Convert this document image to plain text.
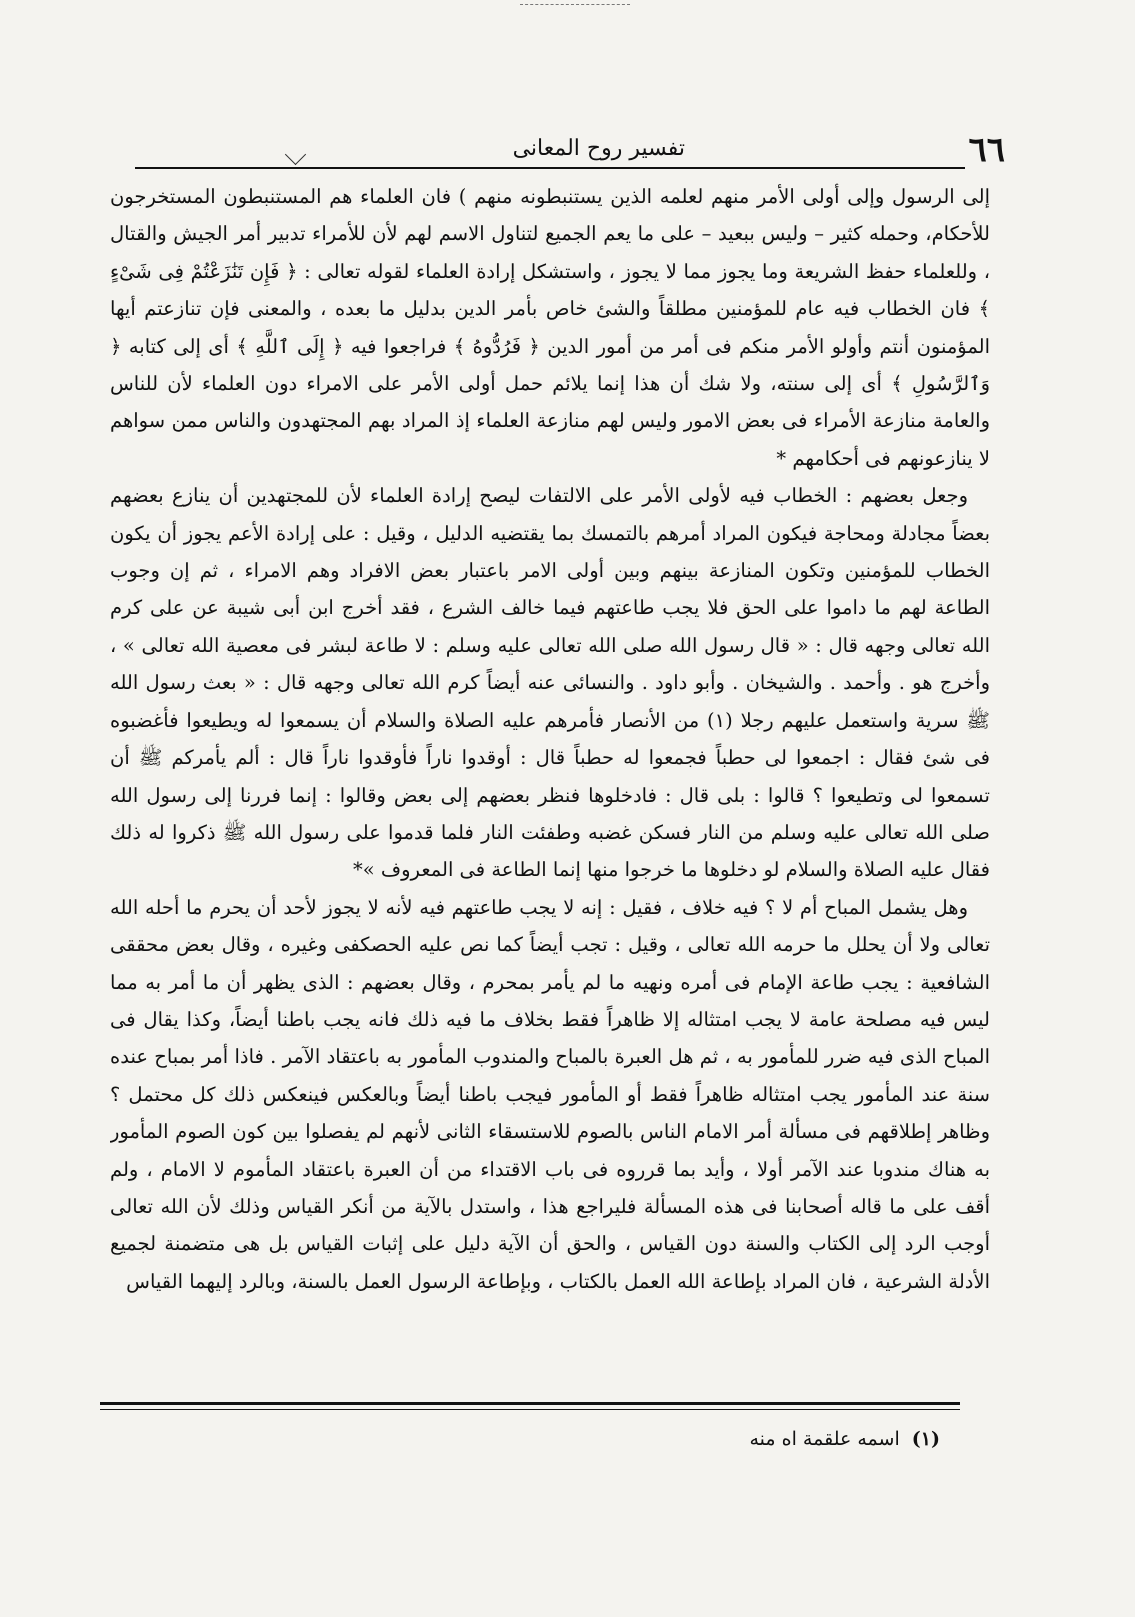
٦٦
تفسير روح المعانى

إلى الرسول وإلى أولى الأمر منهم لعلمه الذين يستنبطونه منهم ) فان العلماء هم المستنبطون المستخرجون للأحكام، وحمله كثير – وليس ببعيد – على ما يعم الجميع لتناول الاسم لهم لأن للأمراء تدبير أمر الجيش والقتال ، وللعلماء حفظ الشريعة وما يجوز مما لا يجوز ، واستشكل إرادة العلماء لقوله تعالى : ﴿ فَإِن تَنَٰزَعْتُمْ فِى شَىْءٍ ﴾ فان الخطاب فيه عام للمؤمنين مطلقاً والشئ خاص بأمر الدين بدليل ما بعده ، والمعنى فإن تنازعتم أيها المؤمنون أنتم وأولو الأمر منكم فى أمر من أمور الدين ﴿ فَرُدُّوهُ ﴾ فراجعوا فيه ﴿ إِلَى ٱللَّهِ ﴾ أى إلى كتابه ﴿ وَٱلرَّسُولِ ﴾ أى إلى سنته، ولا شك أن هذا إنما يلائم حمل أولى الأمر على الامراء دون العلماء لأن للناس والعامة منازعة الأمراء فى بعض الامور وليس لهم منازعة العلماء إذ المراد بهم المجتهدون والناس ممن سواهم لا ينازعونهم فى أحكامهم *

وجعل بعضهم : الخطاب فيه لأولى الأمر على الالتفات ليصح إرادة العلماء لأن للمجتهدين أن ينازع بعضهم بعضاً مجادلة ومحاجة فيكون المراد أمرهم بالتمسك بما يقتضيه الدليل ، وقيل : على إرادة الأعم يجوز أن يكون الخطاب للمؤمنين وتكون المنازعة بينهم وبين أولى الامر باعتبار بعض الافراد وهم الامراء ، ثم إن وجوب الطاعة لهم ما داموا على الحق فلا يجب طاعتهم فيما خالف الشرع ، فقد أخرج ابن أبى شيبة عن على كرم الله تعالى وجهه قال : « قال رسول الله صلى الله تعالى عليه وسلم : لا طاعة لبشر فى معصية الله تعالى » ، وأخرج هو . وأحمد . والشيخان . وأبو داود . والنسائى عنه أيضاً كرم الله تعالى وجهه قال : « بعث رسول الله ﷺ سرية واستعمل عليهم رجلا (١) من الأنصار فأمرهم عليه الصلاة والسلام أن يسمعوا له ويطيعوا فأغضبوه فى شئ فقال : اجمعوا لى حطباً فجمعوا له حطباً قال : أوقدوا ناراً فأوقدوا ناراً قال : ألم يأمركم ﷺ أن تسمعوا لى وتطيعوا ؟ قالوا : بلى قال : فادخلوها فنظر بعضهم إلى بعض وقالوا : إنما فررنا إلى رسول الله صلى الله تعالى عليه وسلم من النار فسكن غضبه وطفئت النار فلما قدموا على رسول الله ﷺ ذكروا له ذلك فقال عليه الصلاة والسلام لو دخلوها ما خرجوا منها إنما الطاعة فى المعروف »*

وهل يشمل المباح أم لا ؟ فيه خلاف ، فقيل : إنه لا يجب طاعتهم فيه لأنه لا يجوز لأحد أن يحرم ما أحله الله تعالى ولا أن يحلل ما حرمه الله تعالى ، وقيل : تجب أيضاً كما نص عليه الحصكفى وغيره ، وقال بعض محققى الشافعية : يجب طاعة الإمام فى أمره ونهيه ما لم يأمر بمحرم ، وقال بعضهم : الذى يظهر أن ما أمر به مما ليس فيه مصلحة عامة لا يجب امتثاله إلا ظاهراً فقط بخلاف ما فيه ذلك فانه يجب باطنا أيضاً، وكذا يقال فى المباح الذى فيه ضرر للمأمور به ، ثم هل العبرة بالمباح والمندوب المأمور به باعتقاد الآمر . فاذا أمر بمباح عنده سنة عند المأمور يجب امتثاله ظاهراً فقط أو المأمور فيجب باطنا أيضاً وبالعكس فينعكس ذلك كل محتمل ؟ وظاهر إطلاقهم فى مسألة أمر الامام الناس بالصوم للاستسقاء الثانى لأنهم لم يفصلوا بين كون الصوم المأمور به هناك مندوبا عند الآمر أولا ، وأيد بما قرروه فى باب الاقتداء من أن العبرة باعتقاد المأموم لا الامام ، ولم أقف على ما قاله أصحابنا فى هذه المسألة فليراجع هذا ، واستدل بالآية من أنكر القياس وذلك لأن الله تعالى أوجب الرد إلى الكتاب والسنة دون القياس ، والحق أن الآية دليل على إثبات القياس بل هى متضمنة لجميع الأدلة الشرعية ، فان المراد بإطاعة الله العمل بالكتاب ، وبإطاعة الرسول العمل بالسنة، وبالرد إليهما القياس

(١) اسمه علقمة اه منه
